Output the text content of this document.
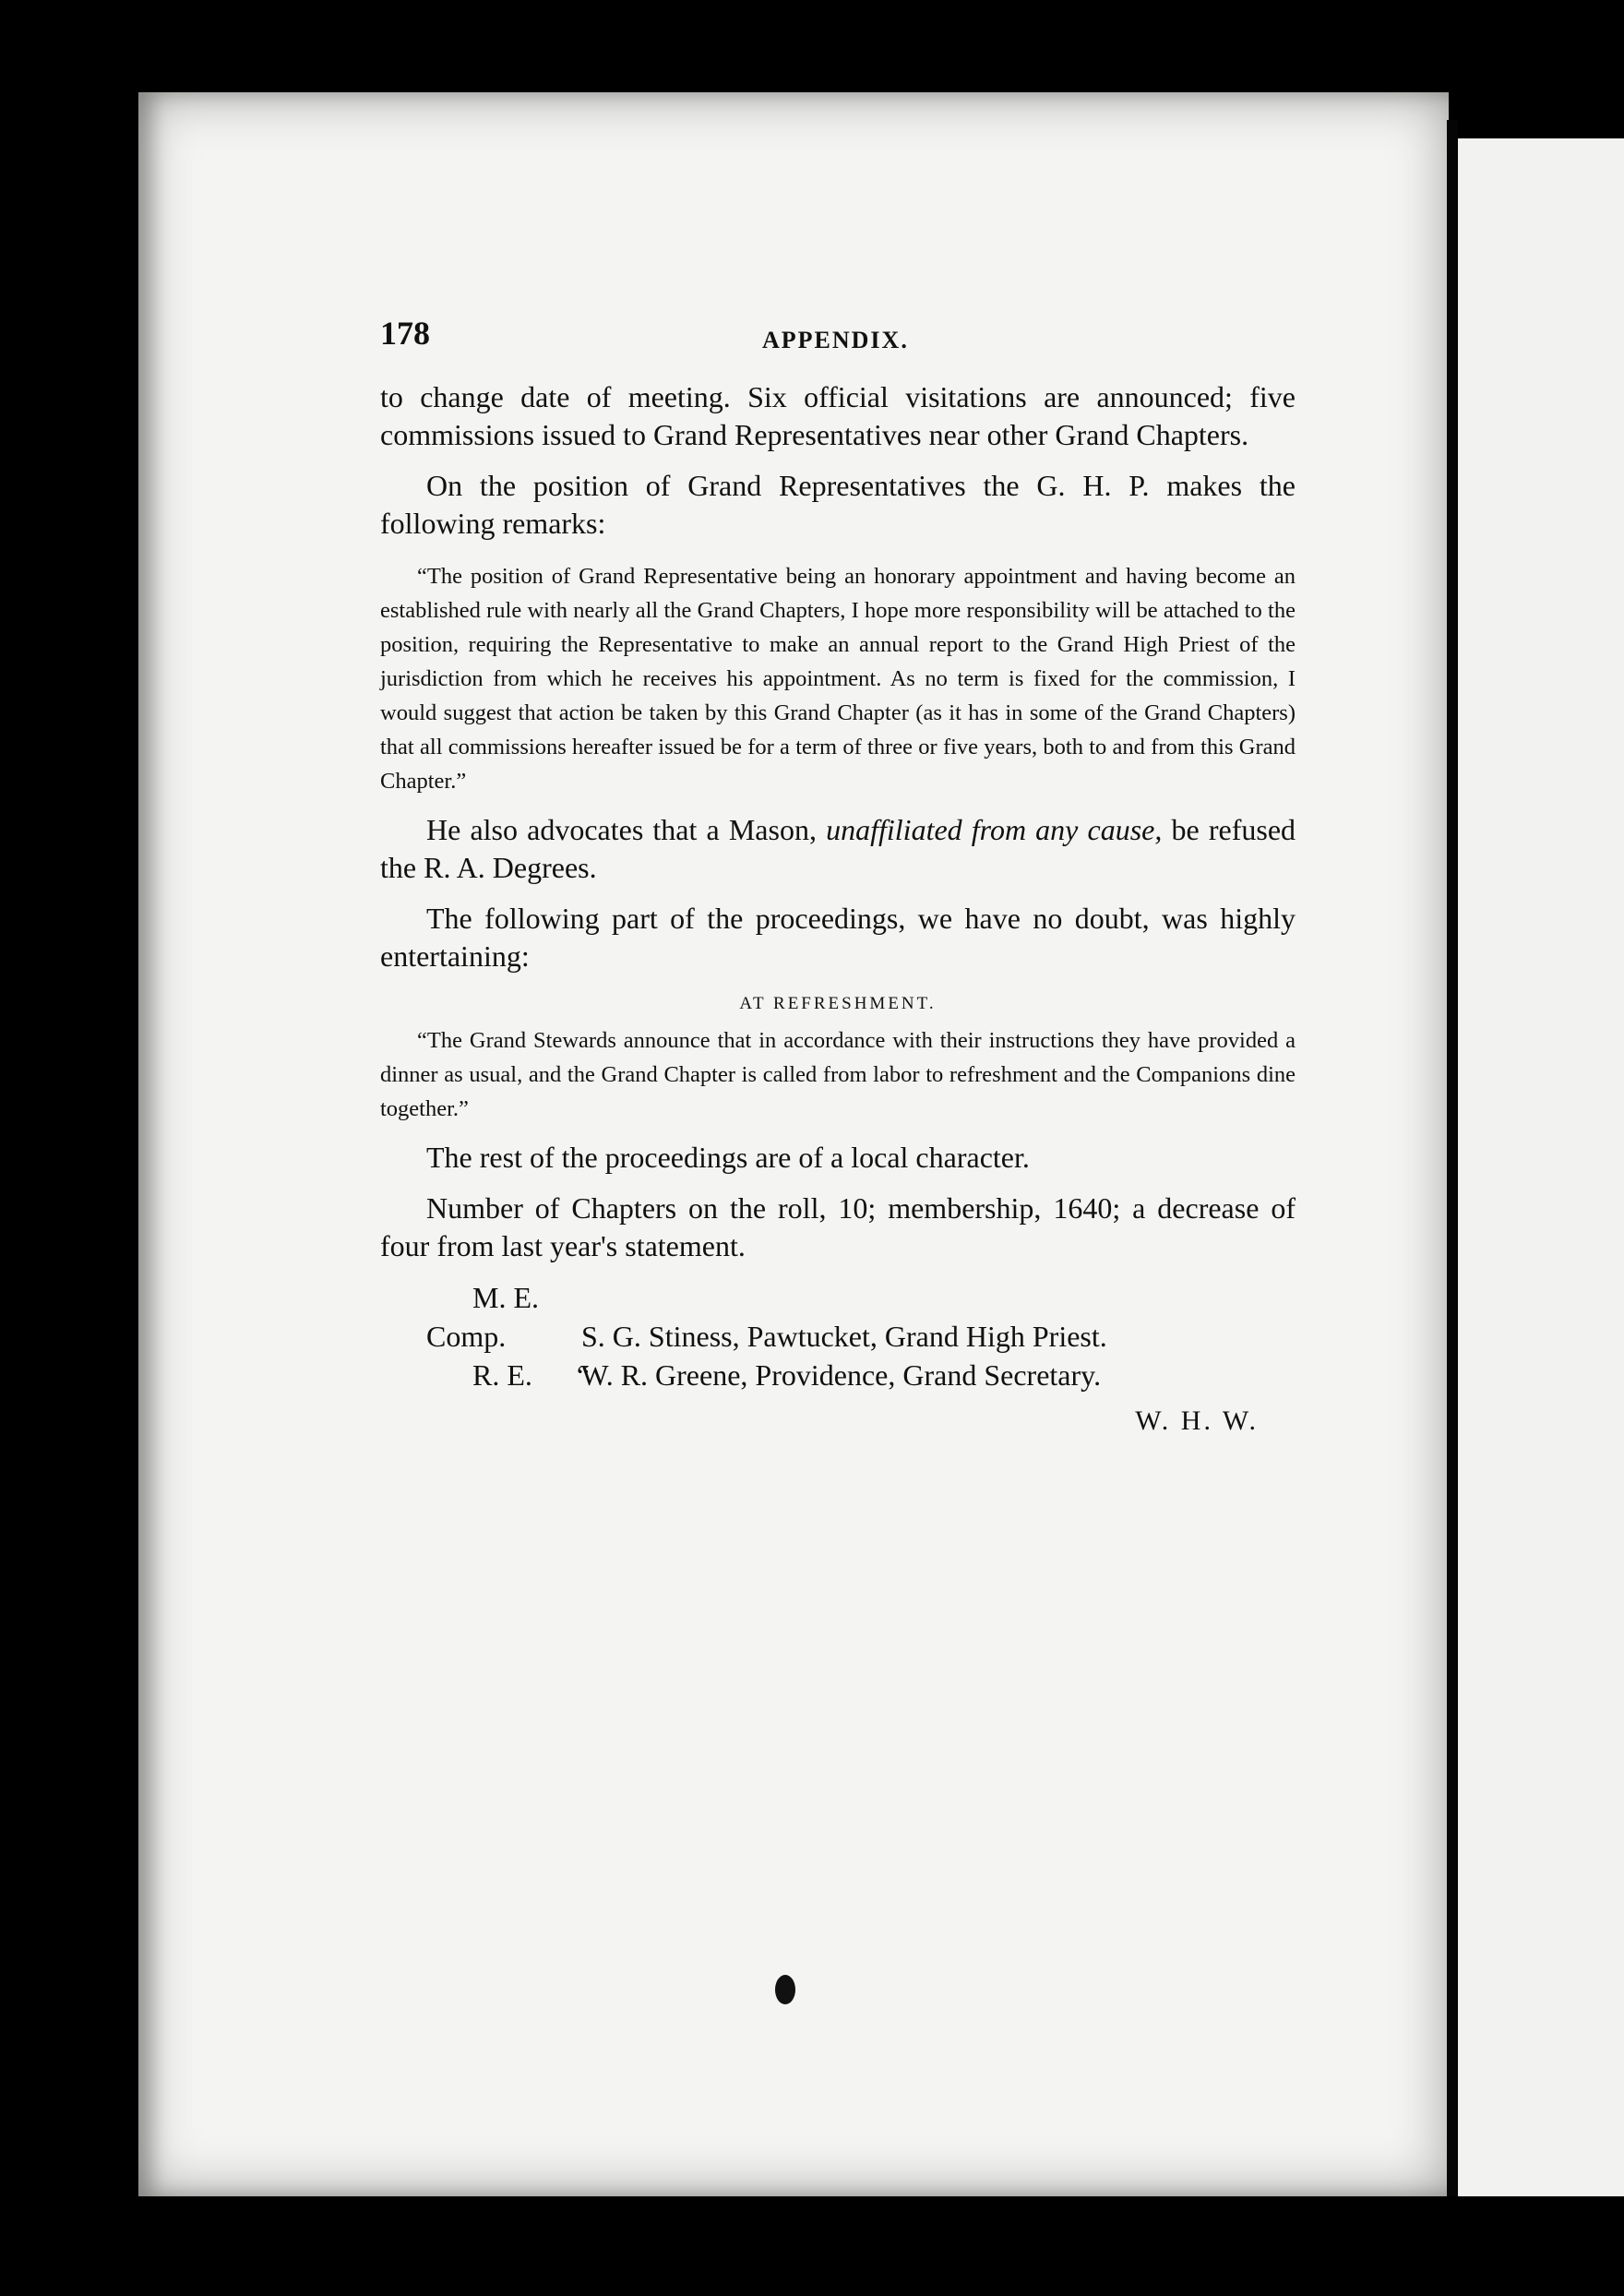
178	APPENDIX.

to change date of meeting. Six official visitations are announced; five commissions issued to Grand Representatives near other Grand Chapters.

On the position of Grand Representatives the G. H. P. makes the following remarks:

“The position of Grand Representative being an honorary appointment and having become an established rule with nearly all the Grand Chapters, I hope more responsibility will be attached to the position, requiring the Representative to make an annual report to the Grand High Priest of the jurisdiction from which he receives his appointment. As no term is fixed for the commission, I would suggest that action be taken by this Grand Chapter (as it has in some of the Grand Chapters) that all commissions hereafter issued be for a term of three or five years, both to and from this Grand Chapter.”

He also advocates that a Mason, unaffiliated from any cause, be refused the R. A. Degrees.

The following part of the proceedings, we have no doubt, was highly entertaining:

AT REFRESHMENT.

“The Grand Stewards announce that in accordance with their instructions they have provided a dinner as usual, and the Grand Chapter is called from labor to refreshment and the Companions dine together.”

The rest of the proceedings are of a local character.

Number of Chapters on the roll, 10; membership, 1640; a decrease of four from last year's statement.

M. E. Comp.	S. G. Stiness, Pawtucket, Grand High Priest.
R. E.      “ W. R. Greene, Providence, Grand Secretary.
W. H. W.
